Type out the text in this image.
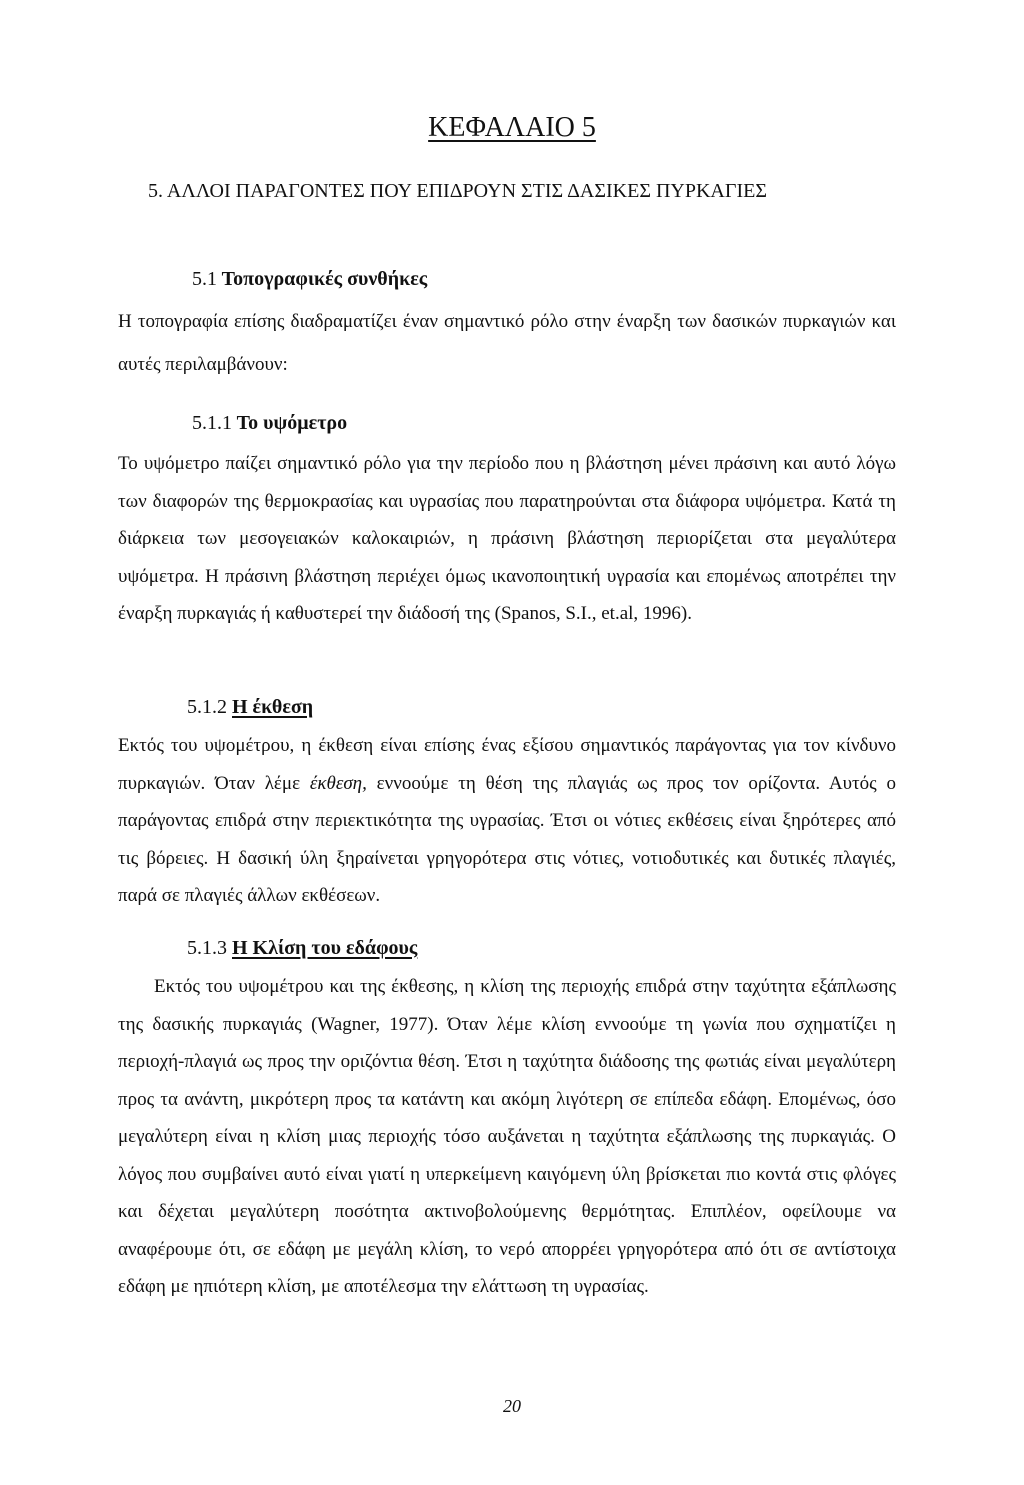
ΚΕΦΑΛΑΙΟ 5
5. ΑΛΛΟΙ ΠΑΡΑΓΟΝΤΕΣ ΠΟΥ ΕΠΙΔΡΟΥΝ ΣΤΙΣ ΔΑΣΙΚΕΣ ΠΥΡΚΑΓΙΕΣ
5.1 Τοπογραφικές συνθήκες

Η τοπογραφία επίσης διαδραματίζει έναν σημαντικό ρόλο στην έναρξη των δασικών πυρκαγιών και αυτές περιλαμβάνουν:

5.1.1 Το υψόμετρο

Το υψόμετρο παίζει σημαντικό ρόλο για την περίοδο που η βλάστηση μένει πράσινη και αυτό λόγω των διαφορών της θερμοκρασίας και υγρασίας που παρατηρούνται στα διάφορα υψόμετρα. Κατά τη διάρκεια των μεσογειακών καλοκαιριών, η πράσινη βλάστηση περιορίζεται στα μεγαλύτερα υψόμετρα. Η πράσινη βλάστηση περιέχει όμως ικανοποιητική υγρασία και επομένως αποτρέπει την έναρξη πυρκαγιάς ή καθυστερεί την διάδοσή της (Spanos, S.I., et.al, 1996).

5.1.2 Η έκθεση

Εκτός του υψομέτρου, η έκθεση είναι επίσης ένας εξίσου σημαντικός παράγοντας για τον κίνδυνο πυρκαγιών. Όταν λέμε έκθεση, εννοούμε τη θέση της πλαγιάς ως προς τον ορίζοντα. Αυτός ο παράγοντας επιδρά στην περιεκτικότητα της υγρασίας. Έτσι οι νότιες εκθέσεις είναι ξηρότερες από τις βόρειες. Η δασική ύλη ξηραίνεται γρηγορότερα στις νότιες, νοτιοδυτικές και δυτικές πλαγιές, παρά σε πλαγιές άλλων εκθέσεων.

5.1.3 Η Κλίση του εδάφους

Εκτός του υψομέτρου και της έκθεσης, η κλίση της περιοχής επιδρά στην ταχύτητα εξάπλωσης της δασικής πυρκαγιάς (Wagner, 1977). Όταν λέμε κλίση εννοούμε τη γωνία που σχηματίζει η περιοχή-πλαγιά ως προς την οριζόντια θέση. Έτσι η ταχύτητα διάδοσης της φωτιάς είναι μεγαλύτερη προς τα ανάντη, μικρότερη προς τα κατάντη και ακόμη λιγότερη σε επίπεδα εδάφη. Επομένως, όσο μεγαλύτερη είναι η κλίση μιας περιοχής τόσο αυξάνεται η ταχύτητα εξάπλωσης της πυρκαγιάς. Ο λόγος που συμβαίνει αυτό είναι γιατί η υπερκείμενη καιγόμενη ύλη βρίσκεται πιο κοντά στις φλόγες και δέχεται μεγαλύτερη ποσότητα ακτινοβολούμενης θερμότητας. Επιπλέον, οφείλουμε να αναφέρουμε ότι, σε εδάφη με μεγάλη κλίση, το νερό απορρέει γρηγορότερα από ότι σε αντίστοιχα εδάφη με ηπιότερη κλίση, με αποτέλεσμα την ελάττωση τη υγρασίας.

20
